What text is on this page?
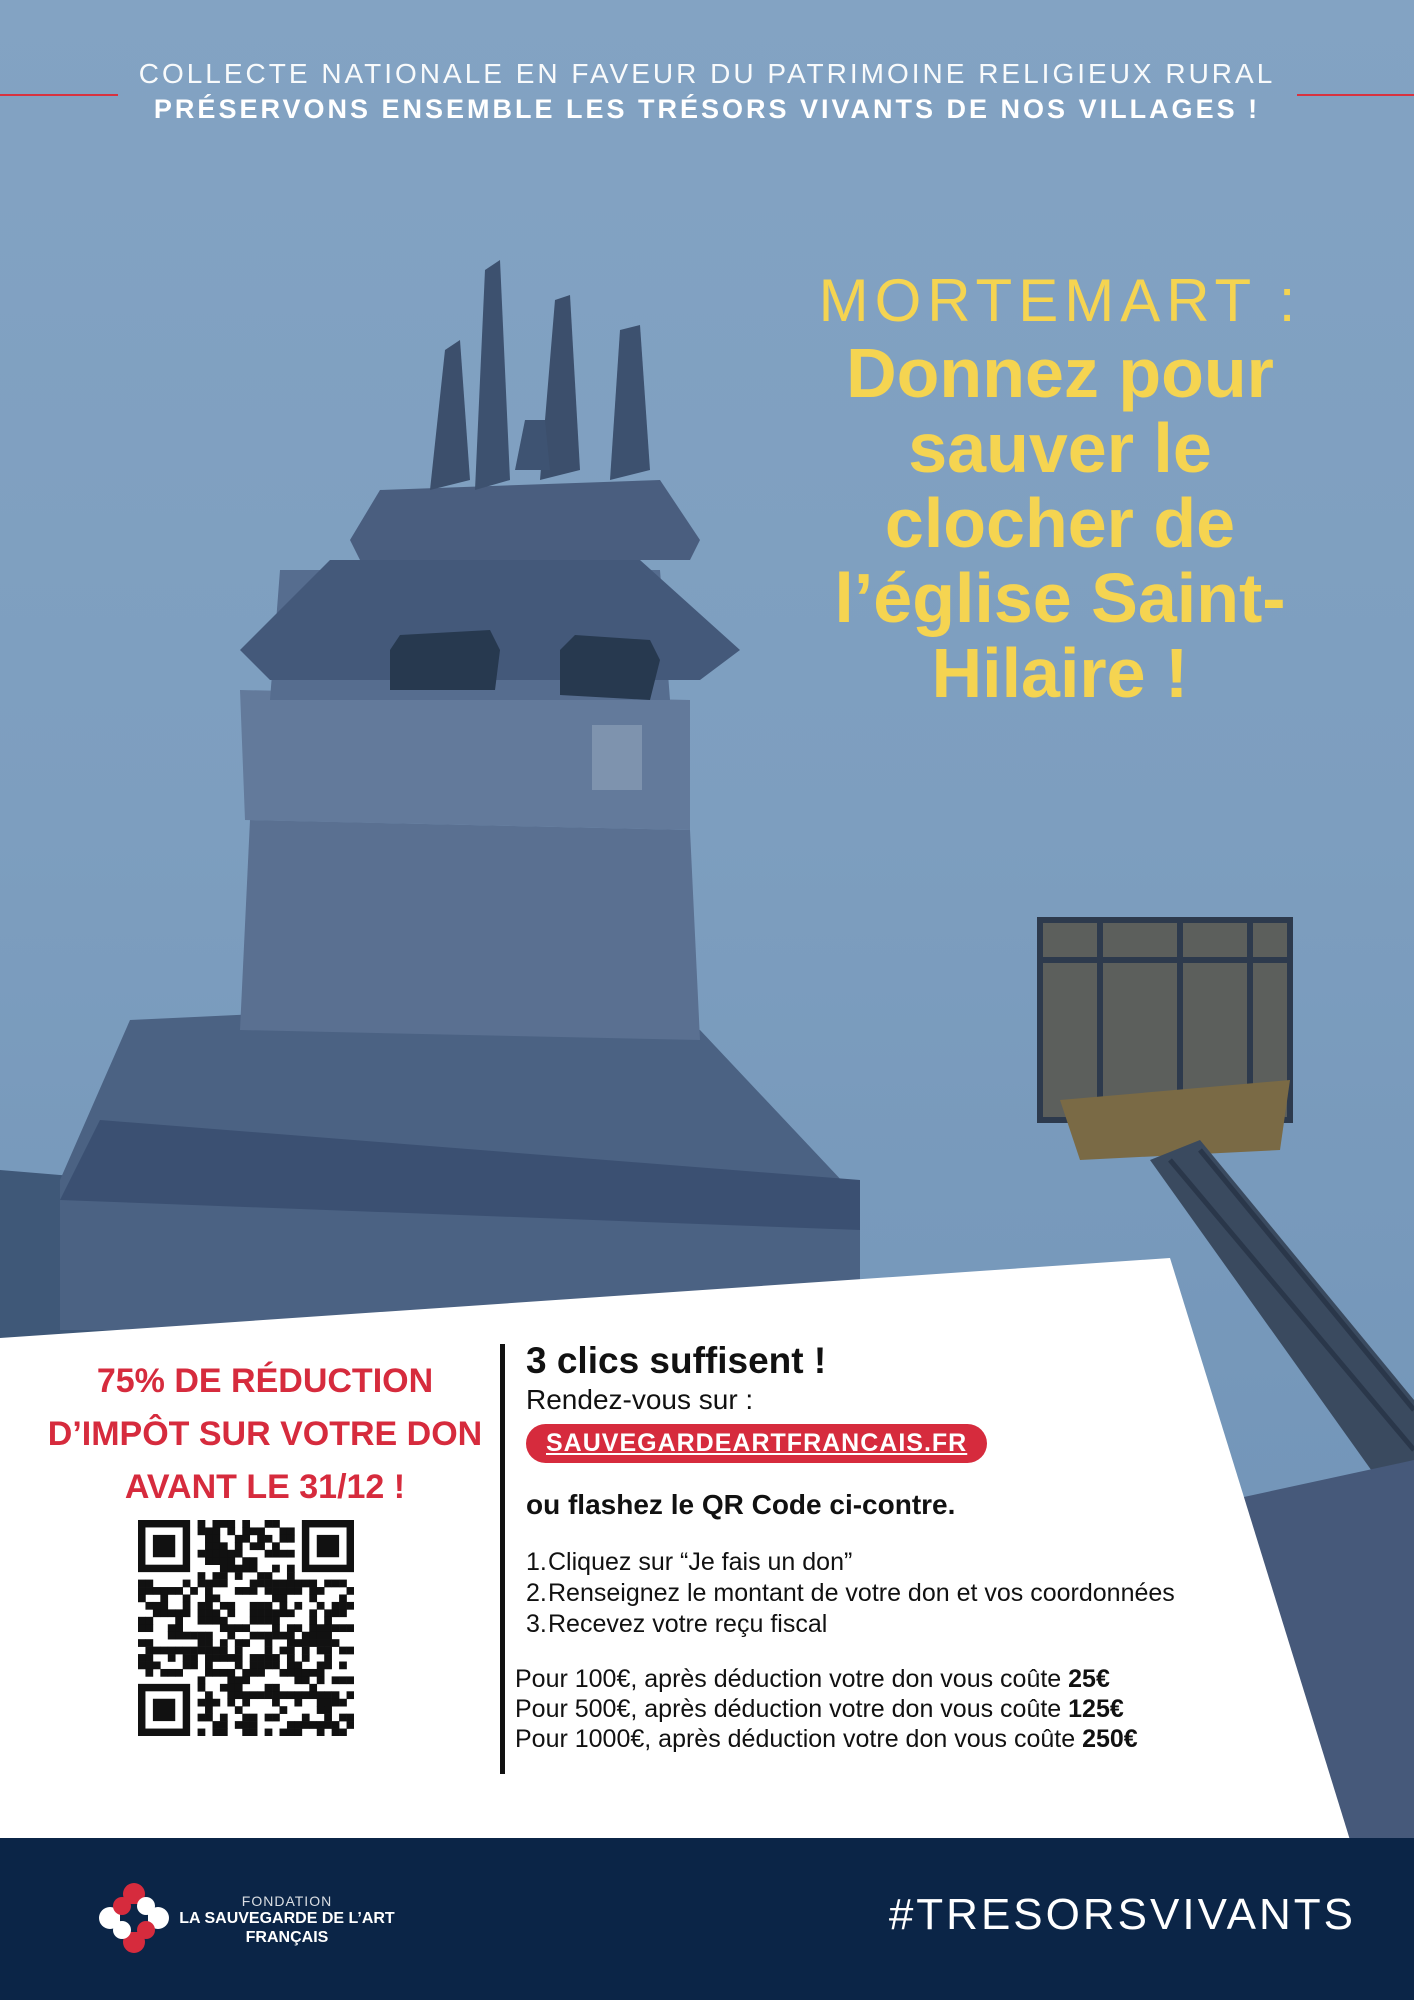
COLLECTE NATIONALE EN FAVEUR DU PATRIMOINE RELIGIEUX RURAL
PRÉSERVONS ENSEMBLE LES TRÉSORS VIVANTS DE NOS VILLAGES !
MORTEMART :
Donnez pour sauver le clocher de l’église Saint-Hilaire !
75% DE RÉDUCTION D’IMPÔT SUR VOTRE DON AVANT LE 31/12 !
3 clics suffisent !
Rendez-vous sur :
SAUVEGARDEARTFRANCAIS.FR
ou flashez le QR Code ci-contre.
1.Cliquez sur “Je fais un don”
2.Renseignez le montant de votre don et vos coordonnées
3.Recevez votre reçu fiscal
Pour 100€, après déduction votre don vous coûte 25€
Pour 500€, après déduction votre don vous coûte 125€
Pour 1000€, après déduction votre don vous coûte 250€
FONDATION
LA SAUVEGARDE DE L’ART FRANÇAIS	#TRESORSVIVANTS
